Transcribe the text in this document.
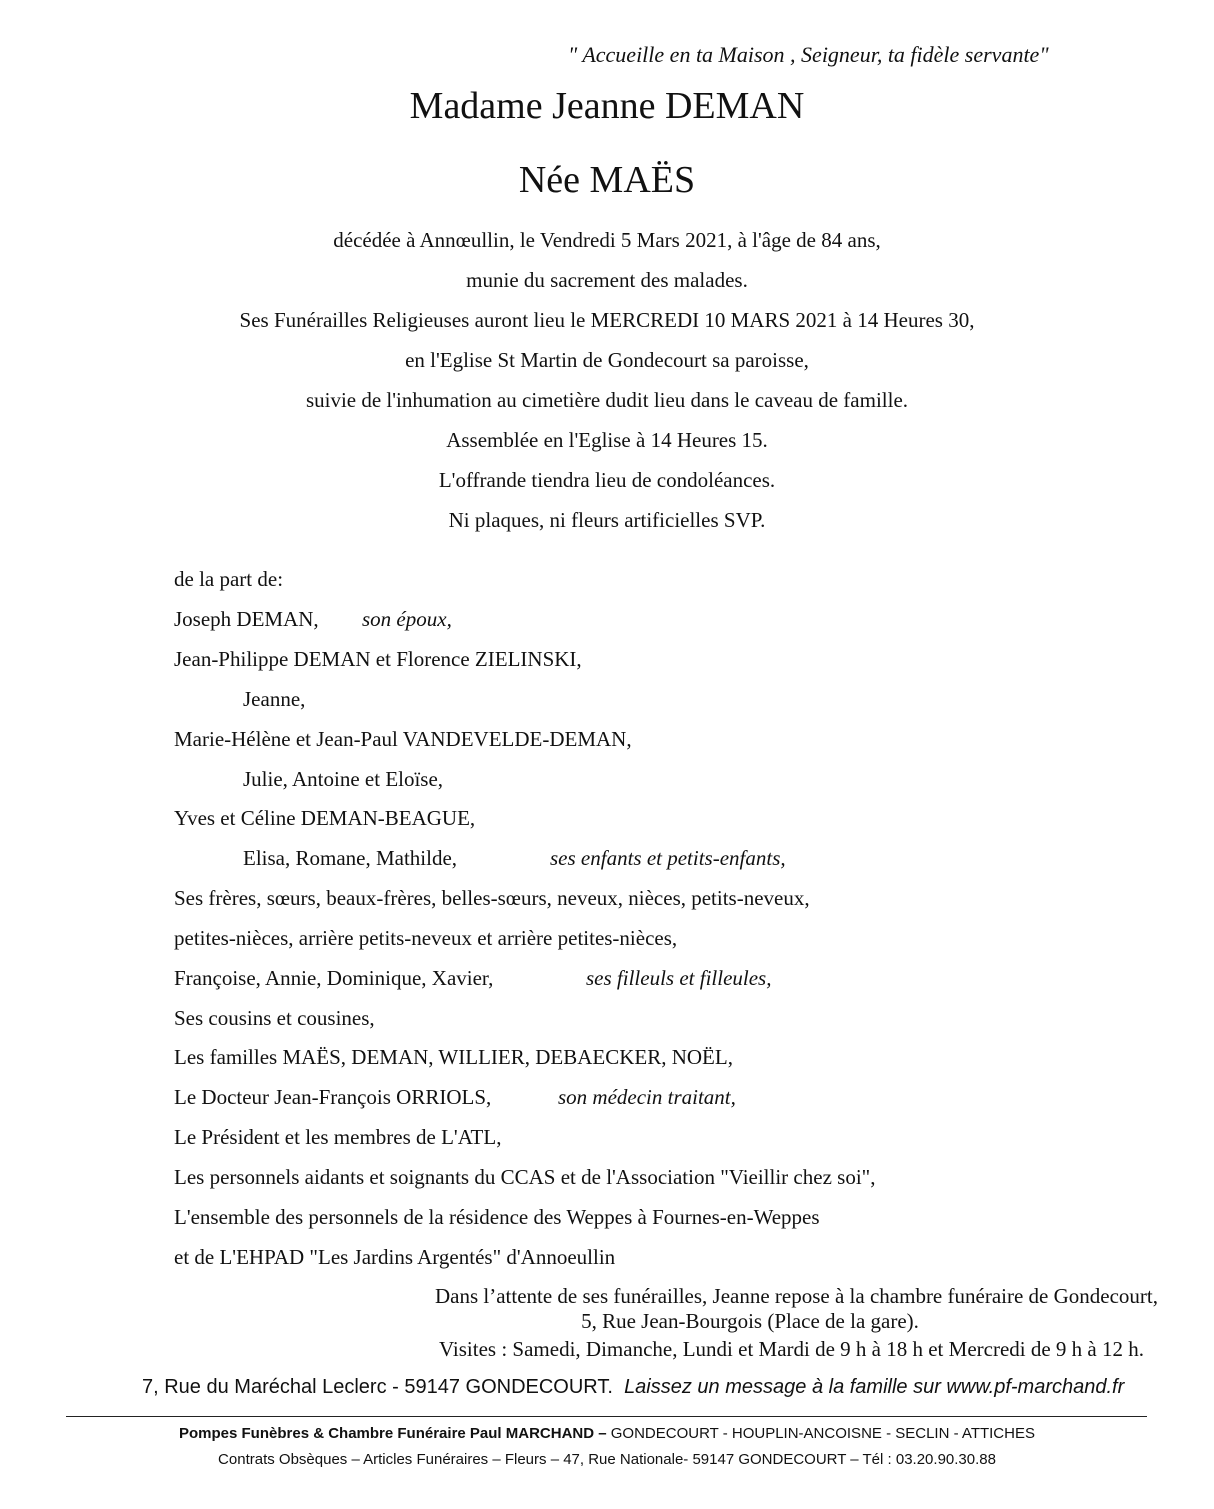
" Accueille en ta Maison , Seigneur, ta fidèle servante"
Madame Jeanne DEMAN
Née MAËS
décédée à Annœullin, le Vendredi 5 Mars 2021, à l'âge de 84 ans,
munie du sacrement des malades.
Ses Funérailles Religieuses auront lieu le MERCREDI 10 MARS 2021 à 14 Heures 30,
en l'Eglise St Martin de Gondecourt sa paroisse,
suivie de l'inhumation au cimetière dudit lieu dans le caveau de famille.
Assemblée en l'Eglise à 14 Heures 15.
L'offrande tiendra lieu de condoléances.
Ni plaques, ni fleurs artificielles SVP.
de la part de:
Joseph DEMAN, son époux,
Jean-Philippe DEMAN et Florence ZIELINSKI,
Jeanne,
Marie-Hélène et Jean-Paul VANDEVELDE-DEMAN,
Julie, Antoine et Eloïse,
Yves et Céline DEMAN-BEAGUE,
Elisa, Romane, Mathilde,	ses enfants et petits-enfants,
Ses frères, sœurs, beaux-frères, belles-sœurs, neveux, nièces, petits-neveux,
petites-nièces, arrière petits-neveux et arrière petites-nièces,
Françoise, Annie, Dominique, Xavier,	ses filleuls et filleules,
Ses cousins et cousines,
Les familles MAËS, DEMAN, WILLIER, DEBAECKER, NOËL,
Le Docteur Jean-François ORRIOLS,	son médecin traitant,
Le Président et les membres de L'ATL,
Les personnels aidants et soignants du CCAS et de l'Association "Vieillir chez soi",
L'ensemble des personnels de la résidence des Weppes à Fournes-en-Weppes
et de L'EHPAD "Les Jardins Argentés" d'Annoeullin
Dans l’attente de ses funérailles, Jeanne repose à la chambre funéraire de Gondecourt,
5, Rue Jean-Bourgois (Place de la gare).
Visites : Samedi, Dimanche, Lundi et Mardi de 9 h à 18 h et Mercredi de 9 h à 12 h.
7, Rue du Maréchal Leclerc - 59147 GONDECOURT. Laissez un message à la famille sur www.pf-marchand.fr
Pompes Funèbres & Chambre Funéraire Paul MARCHAND – GONDECOURT - HOUPLIN-ANCOISNE - SECLIN - ATTICHES
Contrats Obsèques – Articles Funéraires – Fleurs – 47, Rue Nationale- 59147 GONDECOURT – Tél : 03.20.90.30.88
